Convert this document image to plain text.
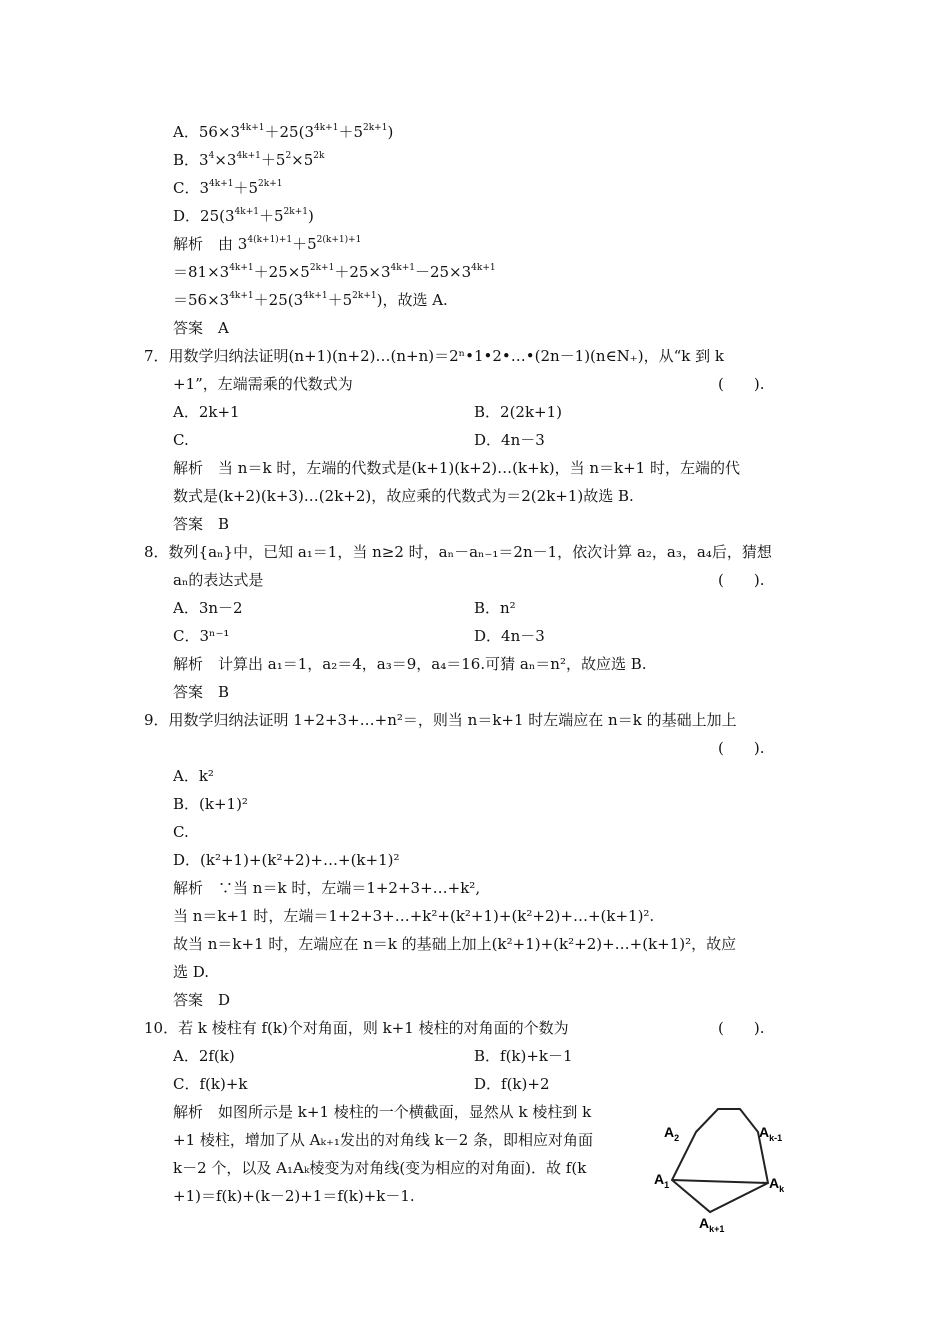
A．$56\times 3^{4k+1}+25(3^{4k+1}+5^{2k+1})$
B．$3^4\times 3^{4k+1}+5^2\times 5^{2k}$
C．$3^{4k+1}+5^{2k+1}$
D．$25(3^{4k+1}+5^{2k+1})$
解析　 由 $3^{4(k+1)+1}+5^{2(k+1)+1}$
$=81\times 3^{4k+1}+25\times 5^{2k+1}+25\times 3^{4k+1}-25\times 3^{4k+1}$
$=56\times 3^{4k+1}+25(3^{4k+1}+5^{2k+1})$，故选 A.
答案　 A
7．用数学归纳法证明(n+1)(n+2)…(n+n)＝2ⁿ•1•2•…•(2n－1)(n∈N₊)，从“k 到 k
+1”，左端需乘的代数式为	(　　).
A．2k+1	B．2(2k+1)
C.	D．4n－3
解析　 当 n＝k 时，左端的代数式是(k+1)(k+2)…(k+k)，当 n＝k+1 时，左端的代
数式是(k+2)(k+3)…(2k+2)，故应乘的代数式为＝2(2k+1)故选 B.
答案　 B
8．数列{aₙ}中，已知 a₁＝1，当 n≥2 时，aₙ－aₙ₋₁＝2n－1，依次计算 a₂，a₃，a₄后，猜想
aₙ的表达式是	(　　).
A．3n－2	B．n²
C．3ⁿ⁻¹	D．4n－3
解析　 计算出 a₁＝1，a₂＝4，a₃＝9，a₄＝16.可猜 aₙ＝n²，故应选 B.
答案　 B
9．用数学归纳法证明 1+2+3+…+n²＝，则当 n＝k+1 时左端应在 n＝k 的基础上加上
(　　).
A．k²
B．(k+1)²
C.
D．(k²+1)+(k²+2)+…+(k+1)²
解析　 ∵当 n＝k 时，左端＝1+2+3+…+k²,
当 n＝k+1 时，左端＝1+2+3+…+k²+(k²+1)+(k²+2)+…+(k+1)².
故当 n＝k+1 时，左端应在 n＝k 的基础上加上(k²+1)+(k²+2)+…+(k+1)²，故应
选 D.
答案　 D
10．若 k 棱柱有 f(k)个对角面，则 k+1 棱柱的对角面的个数为	(　　).
A．2f(k)	B．f(k)+k－1
C．f(k)+k	D．f(k)+2
解析　 如图所示是 k+1 棱柱的一个横截面，显然从 k 棱柱到 k
+1 棱柱，增加了从 Aₖ₊₁发出的对角线 k－2 条，即相应对角面
k－2 个，以及 A₁Aₖ棱变为对角线(变为相应的对角面)．故 f(k
+1)＝f(k)+(k－2)+1＝f(k)+k－1.
$A_2$	$A_{k-1}$
$A_1$	$A_k$
$A_{k+1}$
